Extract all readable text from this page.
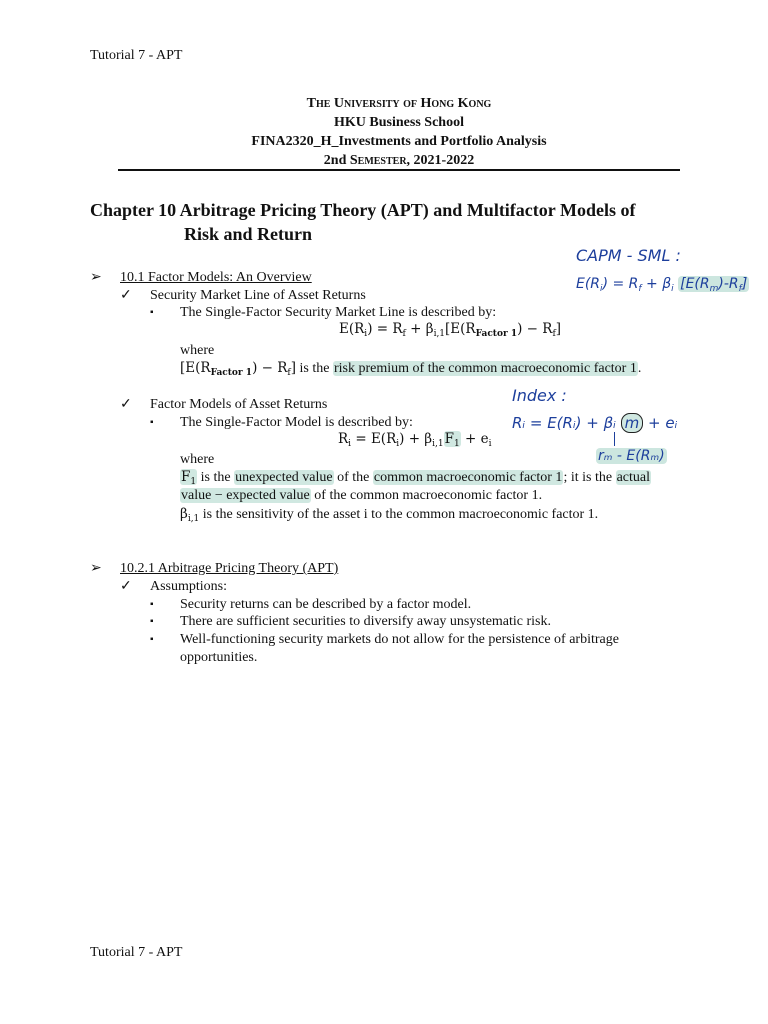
Tutorial 7 - APT
The University of Hong Kong
HKU Business School
FINA2320_H_Investments and Portfolio Analysis
2nd Semester, 2021-2022
Chapter 10 Arbitrage Pricing Theory (APT) and Multifactor Models of
Risk and Return
➢ 10.1 Factor Models: An Overview
✓ Security Market Line of Asset Returns
▪ The Single-Factor Security Market Line is described by:
$E(R_i) = R_f + \beta_{i,1}[E(R_{Factor 1}) - R_f]$
where
$[E(R_{Factor 1}) - R_f]$ is the risk premium of the common macroeconomic factor 1.
✓ Factor Models of Asset Returns
▪ The Single-Factor Model is described by:
$R_i = E(R_i) + \beta_{i,1}F_1 + e_i$
where
$F_1$ is the unexpected value of the common macroeconomic factor 1; it is the actual
value − expected value of the common macroeconomic factor 1.
$\beta_{i,1}$ is the sensitivity of the asset i to the common macroeconomic factor 1.
➢ 10.2.1 Arbitrage Pricing Theory (APT)
✓ Assumptions:
▪ Security returns can be described by a factor model.
▪ There are sufficient securities to diversify away unsystematic risk.
▪ Well-functioning security markets do not allow for the persistence of arbitrage
opportunities.
CAPM - SML :
$E(R_i) = R_f + \beta_i$ $[E(R_m)-R_f]$
Index :
Rᵢ = E(Rᵢ) + βᵢ m + eᵢ
rₘ - E(Rₘ)
Tutorial 7 - APT
